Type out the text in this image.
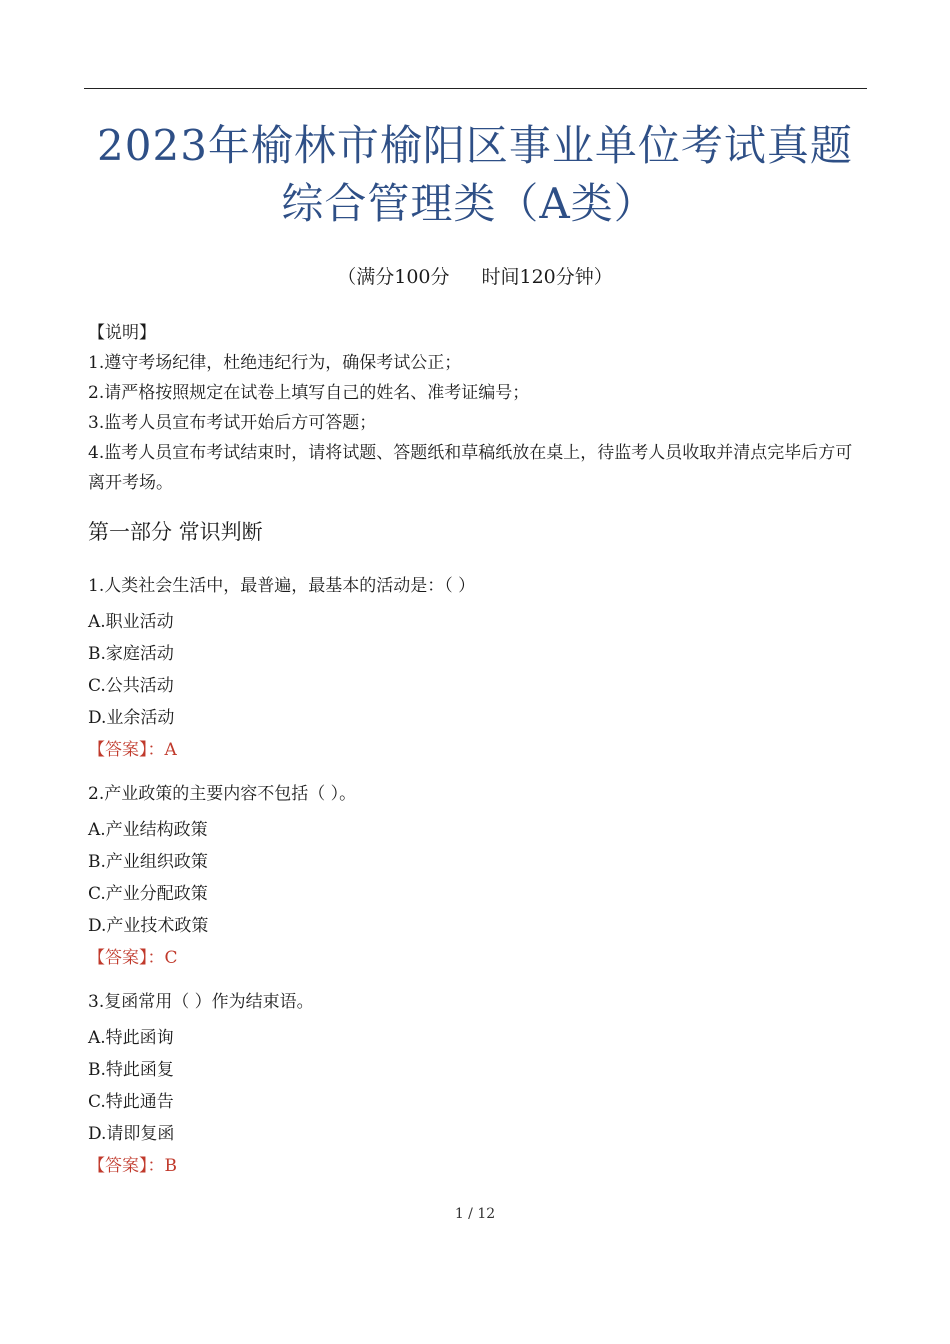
2023年榆林市榆阳区事业单位考试真题
综合管理类（A类）
（满分100分 时间120分钟）
【说明】
1.遵守考场纪律，杜绝违纪行为，确保考试公正；
2.请严格按照规定在试卷上填写自己的姓名、准考证编号；
3.监考人员宣布考试开始后方可答题；
4.监考人员宣布考试结束时，请将试题、答题纸和草稿纸放在桌上，待监考人员收取并清点完毕后方可离开考场。
第一部分 常识判断
1.人类社会生活中，最普遍，最基本的活动是：（ ）
A.职业活动
B.家庭活动
C.公共活动
D.业余活动
【答案】：A
2.产业政策的主要内容不包括（ ）。
A.产业结构政策
B.产业组织政策
C.产业分配政策
D.产业技术政策
【答案】：C
3.复函常用（ ）作为结束语。
A.特此函询
B.特此函复
C.特此通告
D.请即复函
【答案】：B
1 / 12
